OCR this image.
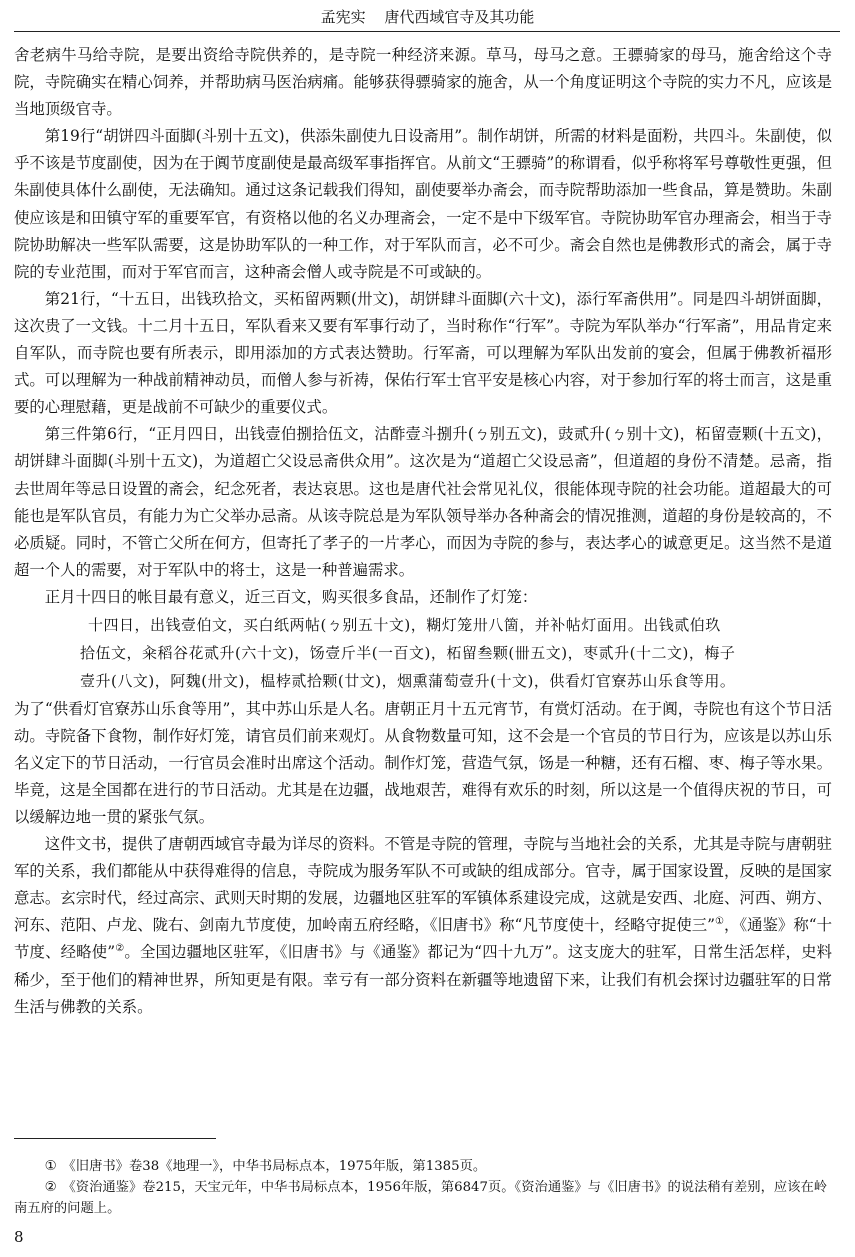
孟宪实 唐代西域官寺及其功能

舍老病牛马给寺院，是要出资给寺院供养的，是寺院一种经济来源。草马，母马之意。王骠骑家的母马，施舍给这个寺院，寺院确实在精心饲养，并帮助病马医治病痛。能够获得骠骑家的施舍，从一个角度证明这个寺院的实力不凡，应该是当地顶级官寺。

第19行“胡饼四斗面脚(斗别十五文)，供添朱副使九日设斋用”。制作胡饼，所需的材料是面粉，共四斗。朱副使，似乎不该是节度副使，因为在于阗节度副使是最高级军事指挥官。从前文“王骠骑”的称谓看，似乎称将军号尊敬性更强，但朱副使具体什么副使，无法确知。通过这条记载我们得知，副使要举办斋会，而寺院帮助添加一些食品，算是赞助。朱副使应该是和田镇守军的重要军官，有资格以他的名义办理斋会，一定不是中下级军官。寺院协助军官办理斋会，相当于寺院协助解决一些军队需要，这是协助军队的一种工作，对于军队而言，必不可少。斋会自然也是佛教形式的斋会，属于寺院的专业范围，而对于军官而言，这种斋会僧人或寺院是不可或缺的。

第21行，“十五日，出钱玖拾文，买柘留两颗(卅文)，胡饼肆斗面脚(六十文)，添行军斋供用”。同是四斗胡饼面脚，这次贵了一文钱。十二月十五日，军队看来又要有军事行动了，当时称作“行军”。寺院为军队举办“行军斋”，用品肯定来自军队，而寺院也要有所表示，即用添加的方式表达赞助。行军斋，可以理解为军队出发前的宴会，但属于佛教祈福形式。可以理解为一种战前精神动员，而僧人参与祈祷，保佑行军士官平安是核心内容，对于参加行军的将士而言，这是重要的心理慰藉，更是战前不可缺少的重要仪式。

第三件第6行，“正月四日，出钱壹伯捌拾伍文，沽酢壹斗捌升(ㄅ别五文)，豉贰升(ㄅ别十文)，柘留壹颗(十五文)，胡饼肆斗面脚(斗别十五文)，为道超亡父设忌斋供众用”。这次是为“道超亡父设忌斋”，但道超的身份不清楚。忌斋，指去世周年等忌日设置的斋会，纪念死者，表达哀思。这也是唐代社会常见礼仪，很能体现寺院的社会功能。道超最大的可能也是军队官员，有能力为亡父举办忌斋。从该寺院总是为军队领导举办各种斋会的情况推测，道超的身份是较高的，不必质疑。同时，不管亡父所在何方，但寄托了孝子的一片孝心，而因为寺院的参与，表达孝心的诚意更足。这当然不是道超一个人的需要，对于军队中的将士，这是一种普遍需求。

正月十四日的帐目最有意义，近三百文，购买很多食品，还制作了灯笼：

十四日，出钱壹伯文，买白纸两帖(ㄅ别五十文)，糊灯笼卅八箇，并补帖灯面用。出钱贰伯玖
拾伍文，籴稻谷花贰升(六十文)，饧壹斤半(一百文)，柘留叁颗(卌五文)，枣贰升(十二文)，梅子
壹升(八文)，阿魏(卅文)，榅桲贰拾颗(廿文)，烟熏蒲萄壹升(十文)，供看灯官寮苏山乐食等用。

为了“供看灯官寮苏山乐食等用”，其中苏山乐是人名。唐朝正月十五元宵节，有赏灯活动。在于阗，寺院也有这个节日活动。寺院备下食物，制作好灯笼，请官员们前来观灯。从食物数量可知，这不会是一个官员的节日行为，应该是以苏山乐名义定下的节日活动，一行官员会准时出席这个活动。制作灯笼，营造气氛，饧是一种糖，还有石榴、枣、梅子等水果。毕竟，这是全国都在进行的节日活动。尤其是在边疆，战地艰苦，难得有欢乐的时刻，所以这是一个值得庆祝的节日，可以缓解边地一贯的紧张气氛。

这件文书，提供了唐朝西域官寺最为详尽的资料。不管是寺院的管理，寺院与当地社会的关系，尤其是寺院与唐朝驻军的关系，我们都能从中获得难得的信息，寺院成为服务军队不可或缺的组成部分。官寺，属于国家设置，反映的是国家意志。玄宗时代，经过高宗、武则天时期的发展，边疆地区驻军的军镇体系建设完成，这就是安西、北庭、河西、朔方、河东、范阳、卢龙、陇右、剑南九节度使，加岭南五府经略，《旧唐书》称“凡节度使十，经略守捉使三”①，《通鉴》称“十节度、经略使”②。全国边疆地区驻军，《旧唐书》与《通鉴》都记为“四十九万”。这支庞大的驻军，日常生活怎样，史料稀少，至于他们的精神世界，所知更是有限。幸亏有一部分资料在新疆等地遗留下来，让我们有机会探讨边疆驻军的日常生活与佛教的关系。

① 《旧唐书》卷38《地理一》，中华书局标点本，1975年版，第1385页。

② 《资治通鉴》卷215，天宝元年，中华书局标点本，1956年版，第6847页。《资治通鉴》与《旧唐书》的说法稍有差别，应该在岭南五府的问题上。

8
